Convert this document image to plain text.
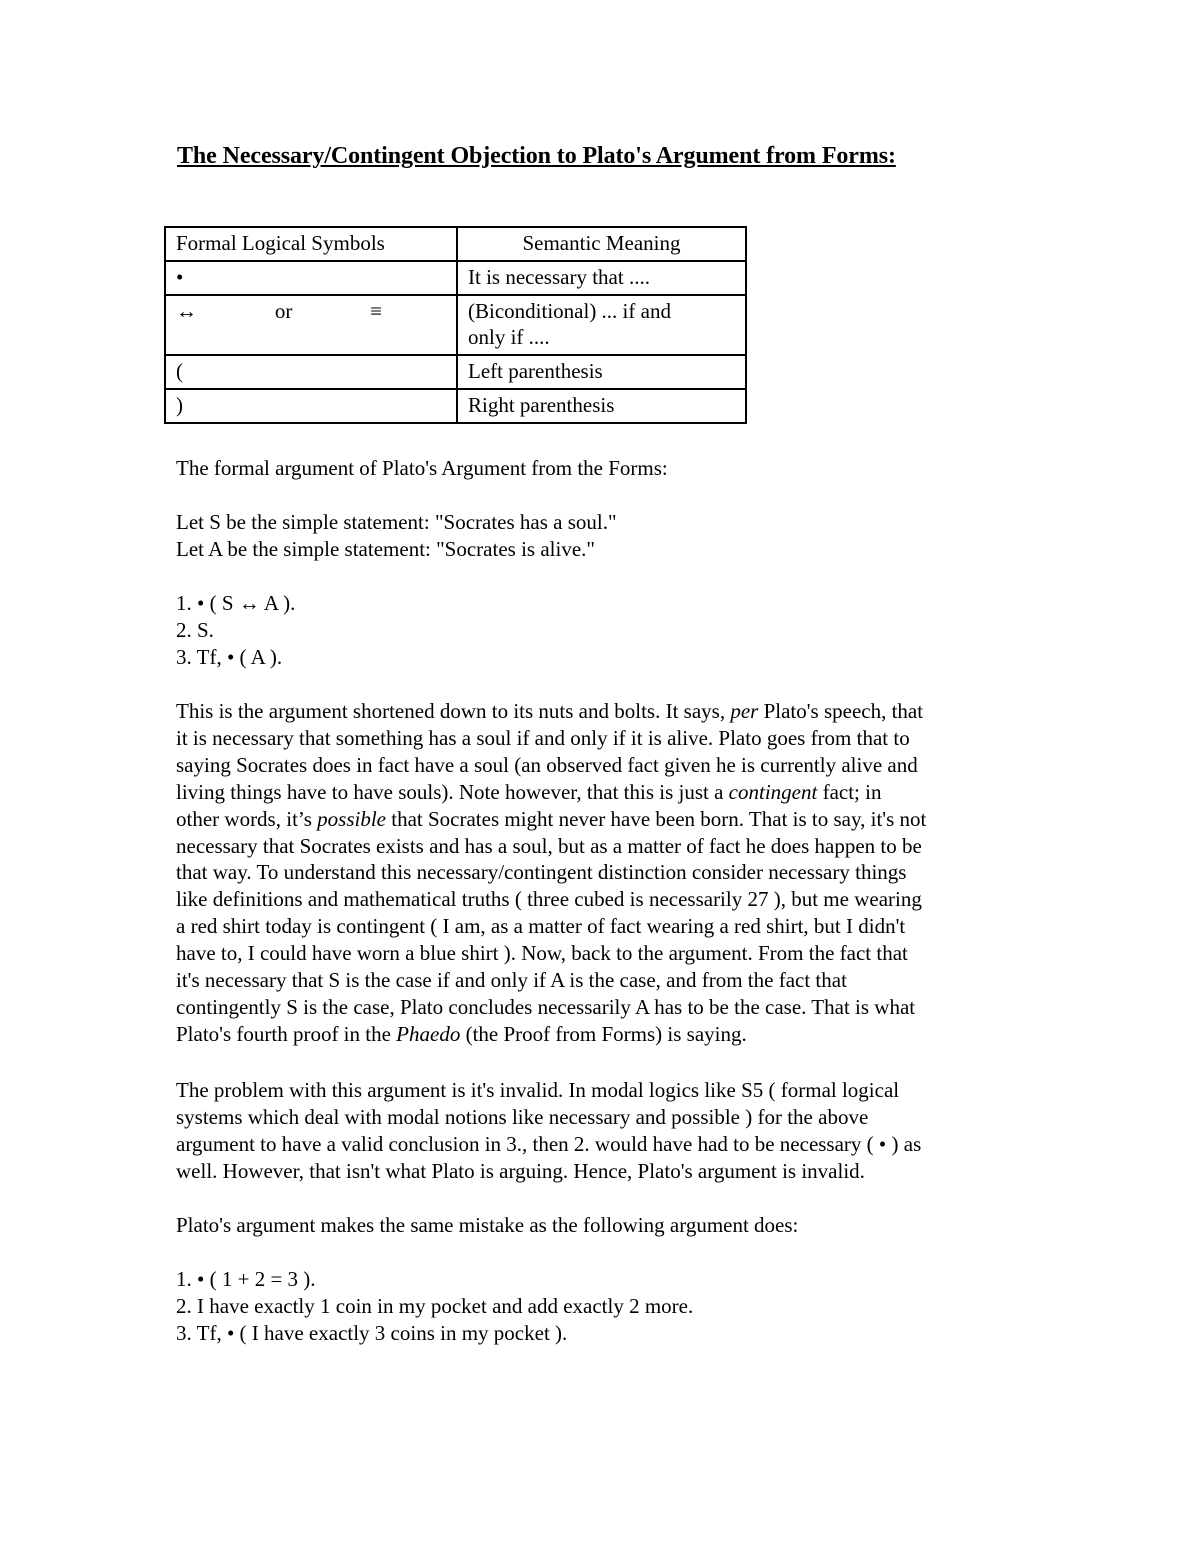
The Necessary/Contingent Objection to Plato's Argument from Forms:
Formal Logical Symbols	Semantic Meaning
•	It is necessary that ....

↔ or ≡	(Biconditional) ... if and
only if ....

(	Left parenthesis
)	Right parenthesis
The formal argument of Plato's Argument from the Forms:
Let S be the simple statement: "Socrates has a soul."
Let A be the simple statement: "Socrates is alive."
1. • ( S ↔ A ).
2. S.
3. Tf, • ( A ).
This is the argument shortened down to its nuts and bolts. It says, per Plato's speech, that
it is necessary that something has a soul if and only if it is alive. Plato goes from that to
saying Socrates does in fact have a soul (an observed fact given he is currently alive and
living things have to have souls). Note however, that this is just a contingent fact; in
other words, it’s possible that Socrates might never have been born. That is to say, it's not
necessary that Socrates exists and has a soul, but as a matter of fact he does happen to be
that way. To understand this necessary/contingent distinction consider necessary things
like definitions and mathematical truths ( three cubed is necessarily 27 ), but me wearing
a red shirt today is contingent ( I am, as a matter of fact wearing a red shirt, but I didn't
have to, I could have worn a blue shirt ). Now, back to the argument. From the fact that
it's necessary that S is the case if and only if A is the case, and from the fact that
contingently S is the case, Plato concludes necessarily A has to be the case. That is what
Plato's fourth proof in the Phaedo (the Proof from Forms) is saying.
The problem with this argument is it's invalid. In modal logics like S5 ( formal logical
systems which deal with modal notions like necessary and possible ) for the above
argument to have a valid conclusion in 3., then 2. would have had to be necessary ( • ) as
well. However, that isn't what Plato is arguing. Hence, Plato's argument is invalid.
Plato's argument makes the same mistake as the following argument does:
1. • ( 1 + 2 = 3 ).
2. I have exactly 1 coin in my pocket and add exactly 2 more.
3. Tf, • ( I have exactly 3 coins in my pocket ).
